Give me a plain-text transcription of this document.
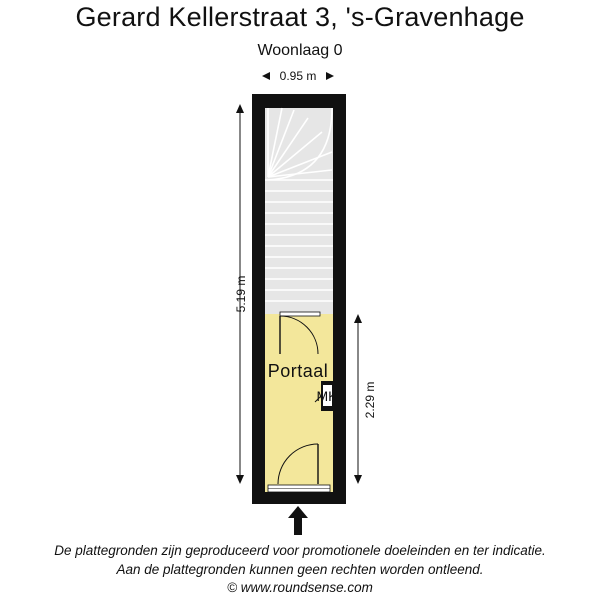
Gerard Kellerstraat 3, 's-Gravenhage
Woonlaag 0
0.95 m
5.19 m
2.29 m
Portaal
MK
De plattegronden zijn geproduceerd voor promotionele doeleinden en ter indicatie.
Aan de plattegronden kunnen geen rechten worden ontleend.
© www.roundsense.com
